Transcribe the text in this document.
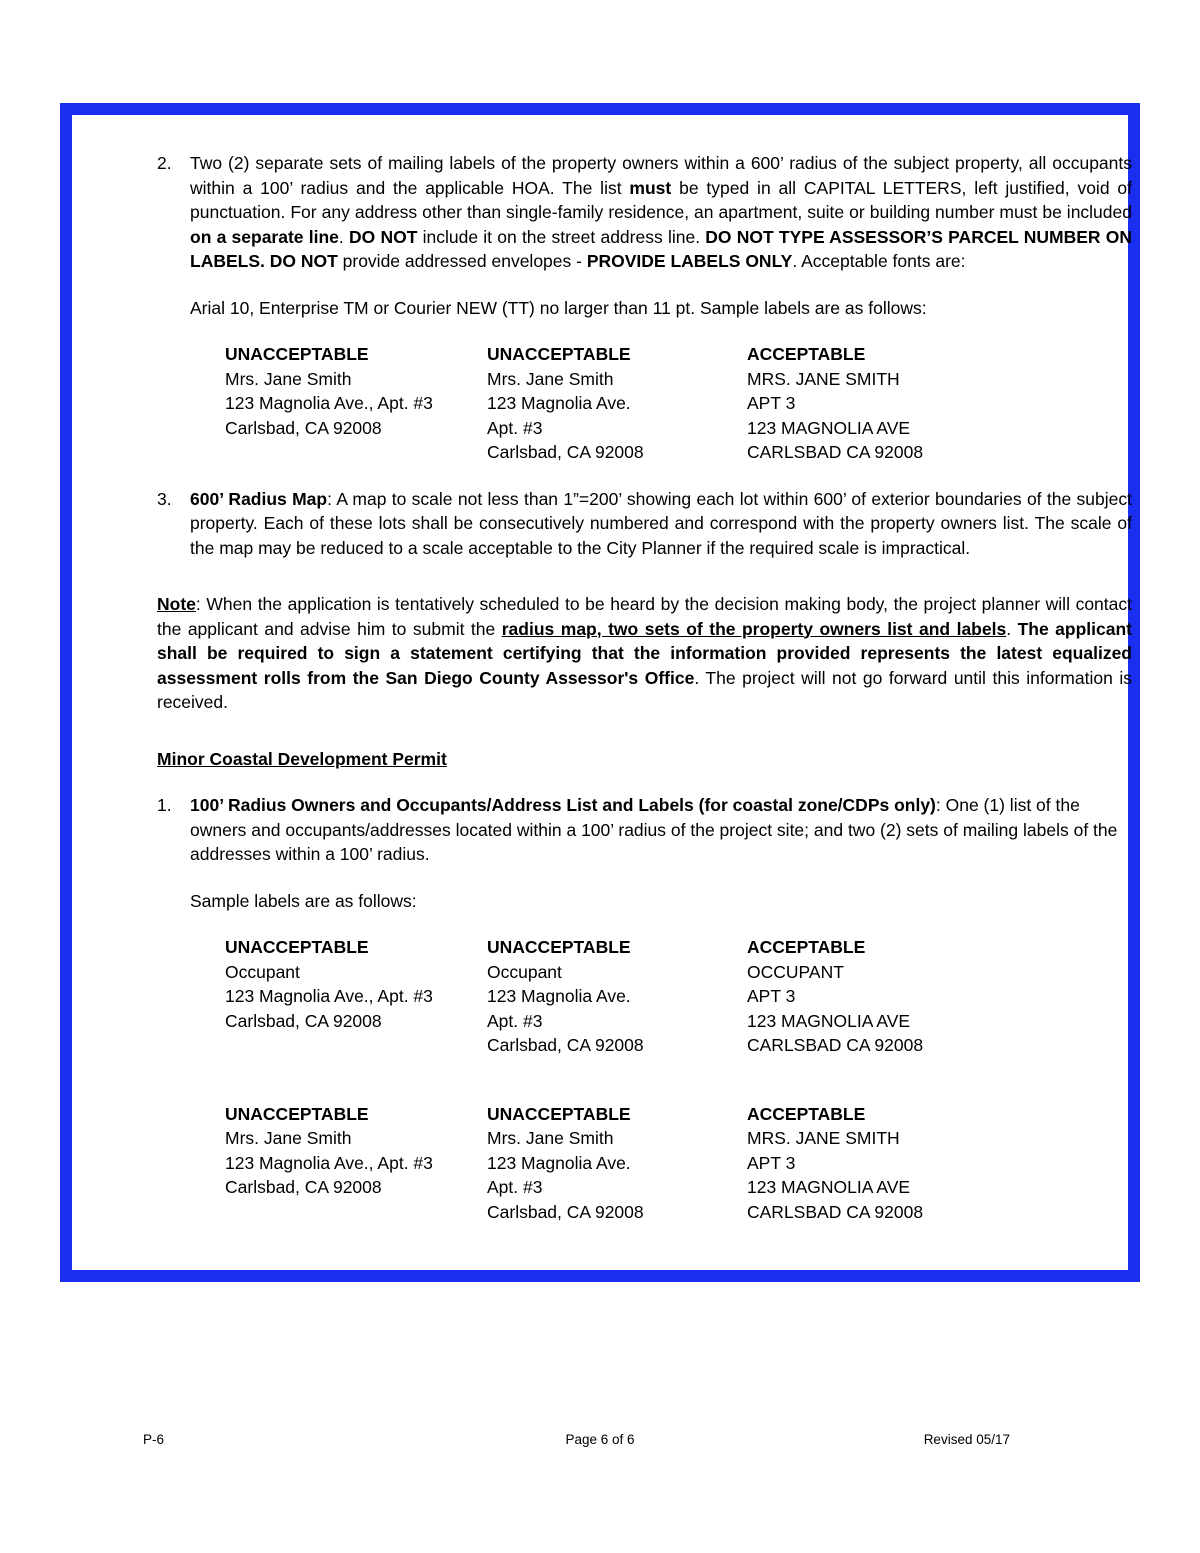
2. Two (2) separate sets of mailing labels of the property owners within a 600’ radius of the subject property, all occupants within a 100’ radius and the applicable HOA. The list must be typed in all CAPITAL LETTERS, left justified, void of punctuation. For any address other than single-family residence, an apartment, suite or building number must be included on a separate line. DO NOT include it on the street address line. DO NOT TYPE ASSESSOR’S PARCEL NUMBER ON LABELS. DO NOT provide addressed envelopes - PROVIDE LABELS ONLY. Acceptable fonts are:

Arial 10, Enterprise TM or Courier NEW (TT) no larger than 11 pt. Sample labels are as follows:
UNACCEPTABLE
Mrs. Jane Smith
123 Magnolia Ave., Apt. #3
Carlsbad, CA 92008
UNACCEPTABLE
Mrs. Jane Smith
123 Magnolia Ave.
Apt. #3
Carlsbad, CA 92008
ACCEPTABLE
MRS. JANE SMITH
APT 3
123 MAGNOLIA AVE
CARLSBAD CA 92008
3. 600’ Radius Map: A map to scale not less than 1”=200’ showing each lot within 600’ of exterior boundaries of the subject property. Each of these lots shall be consecutively numbered and correspond with the property owners list. The scale of the map may be reduced to a scale acceptable to the City Planner if the required scale is impractical.

Note: When the application is tentatively scheduled to be heard by the decision making body, the project planner will contact the applicant and advise him to submit the radius map, two sets of the property owners list and labels. The applicant shall be required to sign a statement certifying that the information provided represents the latest equalized assessment rolls from the San Diego County Assessor's Office. The project will not go forward until this information is received.
Minor Coastal Development Permit
1. 100’ Radius Owners and Occupants/Address List and Labels (for coastal zone/CDPs only): One (1) list of the owners and occupants/addresses located within a 100’ radius of the project site; and two (2) sets of mailing labels of the addresses within a 100’ radius.

Sample labels are as follows:
UNACCEPTABLE
Occupant
123 Magnolia Ave., Apt. #3
Carlsbad, CA 92008
UNACCEPTABLE
Occupant
123 Magnolia Ave.
Apt. #3
Carlsbad, CA 92008
ACCEPTABLE
OCCUPANT
APT 3
123 MAGNOLIA AVE
CARLSBAD CA 92008
UNACCEPTABLE
Mrs. Jane Smith
123 Magnolia Ave., Apt. #3
Carlsbad, CA 92008
UNACCEPTABLE
Mrs. Jane Smith
123 Magnolia Ave.
Apt. #3
Carlsbad, CA 92008
ACCEPTABLE
MRS. JANE SMITH
APT 3
123 MAGNOLIA AVE
CARLSBAD CA 92008
P-6	Page 6 of 6	Revised 05/17
